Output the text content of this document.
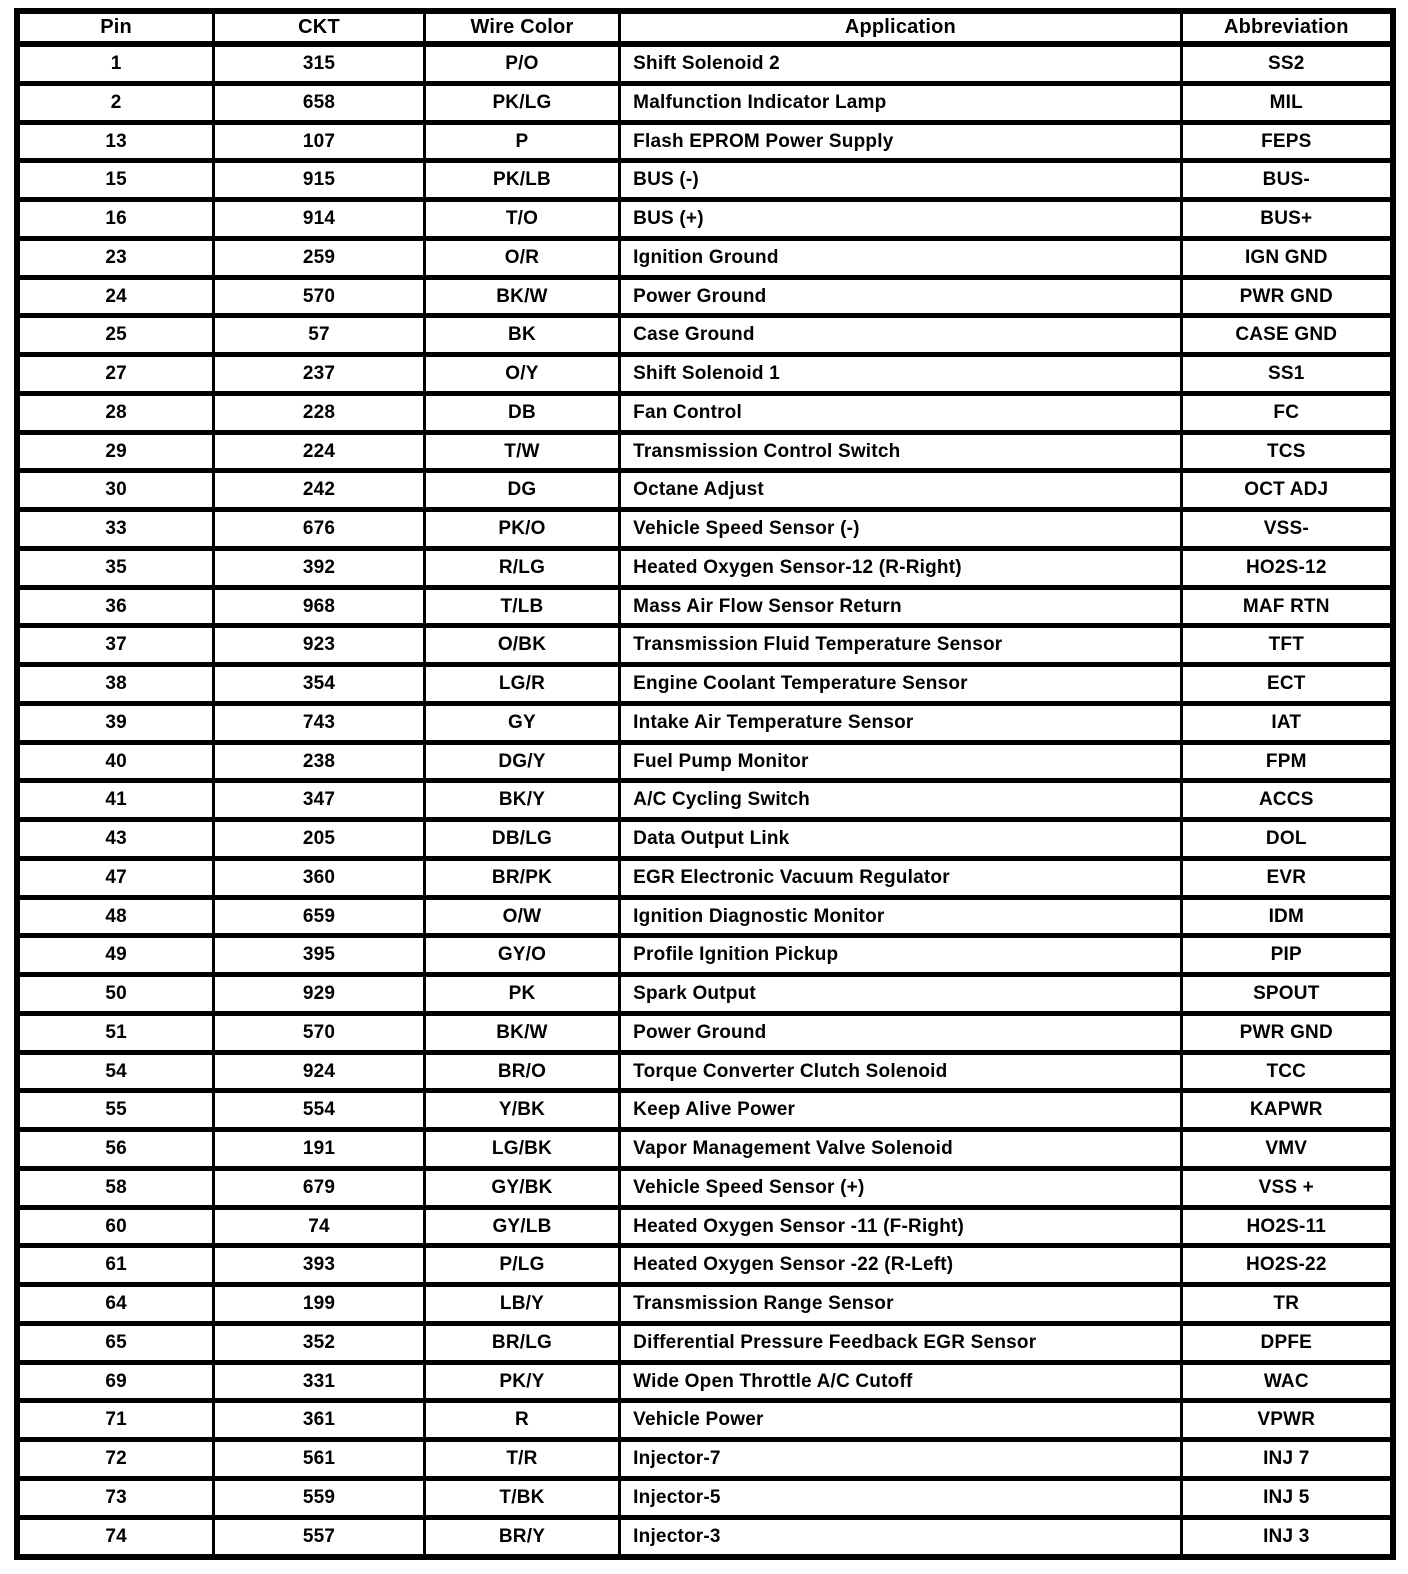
Pin	CKT	Wire Color	Application	Abbreviation
1	315	P/O	Shift Solenoid 2	SS2
2	658	PK/LG	Malfunction Indicator Lamp	MIL
13	107	P	Flash EPROM Power Supply	FEPS
15	915	PK/LB	BUS (-)	BUS-
16	914	T/O	BUS (+)	BUS+
23	259	O/R	Ignition Ground	IGN GND
24	570	BK/W	Power Ground	PWR GND
25	57	BK	Case Ground	CASE GND
27	237	O/Y	Shift Solenoid 1	SS1
28	228	DB	Fan Control	FC
29	224	T/W	Transmission Control Switch	TCS
30	242	DG	Octane Adjust	OCT ADJ
33	676	PK/O	Vehicle Speed Sensor (-)	VSS-
35	392	R/LG	Heated Oxygen Sensor-12 (R-Right)	HO2S-12
36	968	T/LB	Mass Air Flow Sensor Return	MAF RTN
37	923	O/BK	Transmission Fluid Temperature Sensor	TFT
38	354	LG/R	Engine Coolant Temperature Sensor	ECT
39	743	GY	Intake Air Temperature Sensor	IAT
40	238	DG/Y	Fuel Pump Monitor	FPM
41	347	BK/Y	A/C Cycling Switch	ACCS
43	205	DB/LG	Data Output Link	DOL
47	360	BR/PK	EGR Electronic Vacuum Regulator	EVR
48	659	O/W	Ignition Diagnostic Monitor	IDM
49	395	GY/O	Profile Ignition Pickup	PIP
50	929	PK	Spark Output	SPOUT
51	570	BK/W	Power Ground	PWR GND
54	924	BR/O	Torque Converter Clutch Solenoid	TCC
55	554	Y/BK	Keep Alive Power	KAPWR
56	191	LG/BK	Vapor Management Valve Solenoid	VMV
58	679	GY/BK	Vehicle Speed Sensor (+)	VSS +
60	74	GY/LB	Heated Oxygen Sensor -11 (F-Right)	HO2S-11
61	393	P/LG	Heated Oxygen Sensor -22 (R-Left)	HO2S-22
64	199	LB/Y	Transmission Range Sensor	TR
65	352	BR/LG	Differential Pressure Feedback EGR Sensor	DPFE
69	331	PK/Y	Wide Open Throttle A/C Cutoff	WAC
71	361	R	Vehicle Power	VPWR
72	561	T/R	Injector-7	INJ 7
73	559	T/BK	Injector-5	INJ 5
74	557	BR/Y	Injector-3	INJ 3
